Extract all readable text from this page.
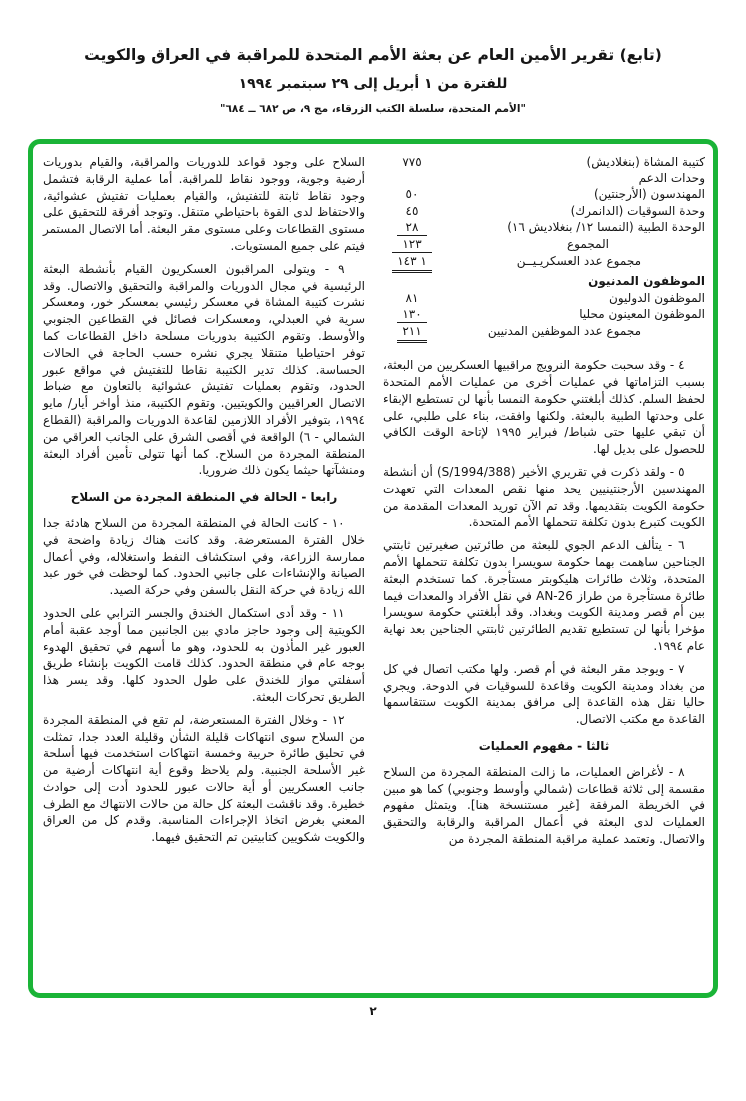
(تابع) تقرير الأمين العام عن بعثة الأمم المتحدة للمراقبة في العراق والكويت
للفترة من ١ أبريل إلى ٢٩ سبتمبر ١٩٩٤
"الأمم المتحدة، سلسلة الكتب الزرقاء، مج ٩، ص ٦٨٢ ــ ٦٨٤"
كتيبة المشاة (بنغلاديش)
٧٧٥
وحدات الدعم
المهندسون (الأرجنتين)
٥٠
وحدة السوقيات (الدانمرك)
٤٥
الوحدة الطبية (النمسا ١٢/ بنغلاديش ١٦)
٢٨
المجموع
١٢٣
مجموع عدد العسكريـيــن
١ ١٤٣
الموظفون المدنيون
الموظفون الدوليون
٨١
الموظفون المعينون محليا
١٣٠
مجموع عدد الموظفين المدنيين
٢١١

٤ - وقد سحبت حكومة النرويج مراقبيها العسكريين من البعثة، بسبب التزاماتها في عمليات أخرى من عمليات الأمم المتحدة لحفظ السلم. كذلك أبلغتني حكومة النمسا بأنها لن تستطيع الإبقاء على وحدتها الطبية بالبعثة. ولكنها وافقت، بناء على طلبي، على أن تبقي عليها حتى شباط/ فبراير ١٩٩٥ لإتاحة الوقت الكافي للحصول على بديل لها.

٥ - ولقد ذكرت في تقريري الأخير (S/1994/388) أن أنشطة المهندسين الأرجنتينيين يحد منها نقص المعدات التي تعهدت حكومة الكويت بتقديمها. وقد تم الآن توريد المعدات المقدمة من الكويت كتبرع بدون تكلفة تتحملها الأمم المتحدة.

٦ - يتألف الدعم الجوي للبعثة من طائرتين صغيرتين ثابتتي الجناحين ساهمت بهما حكومة سويسرا بدون تكلفة تتحملها الأمم المتحدة، وثلاث طائرات هليكوبتر مستأجرة. كما تستخدم البعثة طائرة مستأجرة من طراز AN-26 في نقل الأفراد والمعدات فيما بين أم قصر ومدينة الكويت وبغداد. وقد أبلغتني حكومة سويسرا مؤخرا بأنها لن تستطيع تقديم الطائرتين ثابتتي الجناحين بعد نهاية عام ١٩٩٤.

٧ - ويوجد مقر البعثة في أم قصر. ولها مكتب اتصال في كل من بغداد ومدينة الكويت وقاعدة للسوقيات في الدوحة. ويجري حاليا نقل هذه القاعدة إلى مرافق بمدينة الكويت ستتقاسمها القاعدة مع مكتب الاتصال.

ثالثا - مفهوم العمليات

٨ - لأغراض العمليات، ما زالت المنطقة المجردة من السلاح مقسمة إلى ثلاثة قطاعات (شمالي وأوسط وجنوبي) كما هو مبين في الخريطة المرفقة [غير مستنسخة هنا]. ويتمثل مفهوم العمليات لدى البعثة في أعمال المراقبة والرقابة والتحقيق والاتصال. وتعتمد عملية مراقبة المنطقة المجردة من

السلاح على وجود قواعد للدوريات والمراقبة، والقيام بدوريات أرضية وجوية، ووجود نقاط للمراقبة. أما عملية الرقابة فتشمل وجود نقاط ثابتة للتفتيش، والقيام بعمليات تفتيش عشوائية، والاحتفاظ لدى القوة باحتياطي متنقل. وتوجد أفرقة للتحقيق على مستوى القطاعات وعلى مستوى مقر البعثة. أما الاتصال المستمر فيتم على جميع المستويات.

٩ - ويتولى المراقبون العسكريون القيام بأنشطة البعثة الرئيسية في مجال الدوريات والمراقبة والتحقيق والاتصال. وقد نشرت كتيبة المشاة في معسكر رئيسي بمعسكر خور، ومعسكر سرية في العبدلي، ومعسكرات فصائل في القطاعين الجنوبي والأوسط. وتقوم الكتيبة بدوريات مسلحة داخل القطاعات كما توفر احتياطيا متنقلا يجري نشره حسب الحاجة في الحالات الحساسة. كذلك تدير الكتيبة نقاطا للتفتيش في مواقع عبور الحدود، وتقوم بعمليات تفتيش عشوائية بالتعاون مع ضباط الاتصال العراقيين والكويتيين. وتقوم الكتيبة، منذ أواخر أيار/ مايو ١٩٩٤، بتوفير الأفراد اللازمين لقاعدة الدوريات والمراقبة (القطاع الشمالي - ٦) الواقعة في أقصى الشرق على الجانب العراقي من المنطقة المجردة من السلاح. كما أنها تتولى تأمين أفراد البعثة ومنشآتها حيثما يكون ذلك ضروريا.

رابعا - الحالة في المنطقة المجردة من السلاح

١٠ - كانت الحالة في المنطقة المجردة من السلاح هادئة جدا خلال الفترة المستعرضة. وقد كانت هناك زيادة واضحة في ممارسة الزراعة، وفي استكشاف النفط واستغلاله، وفي أعمال الصيانة والإنشاءات على جانبي الحدود. كما لوحظت في خور عبد الله زيادة في حركة النقل بالسفن وفي حركة الصيد.

١١ - وقد أدى استكمال الخندق والجسر الترابي على الحدود الكويتية إلى وجود حاجز مادي بين الجانبين مما أوجد عقبة أمام العبور غير المأذون به للحدود، وهو ما أسهم في تحقيق الهدوء بوجه عام في منطقة الحدود. كذلك قامت الكويت بإنشاء طريق أسفلتي مواز للخندق على طول الحدود كلها. وقد يسر هذا الطريق تحركات البعثة.

١٢ - وخلال الفترة المستعرضة، لم تقع في المنطقة المجردة من السلاح سوى انتهاكات قليلة الشأن وقليلة العدد جدا، تمثلت في تحليق طائرة حربية وخمسة انتهاكات استخدمت فيها أسلحة غير الأسلحة الجنبية. ولم يلاحظ وقوع أية انتهاكات أرضية من جانب العسكريين أو أية حالات عبور للحدود أدت إلى حوادث خطيرة. وقد ناقشت البعثة كل حالة من حالات الانتهاك مع الطرف المعني بغرض اتخاذ الإجراءات المناسبة. وقدم كل من العراق والكويت شكويين كتابيتين تم التحقيق فيهما.

٢
